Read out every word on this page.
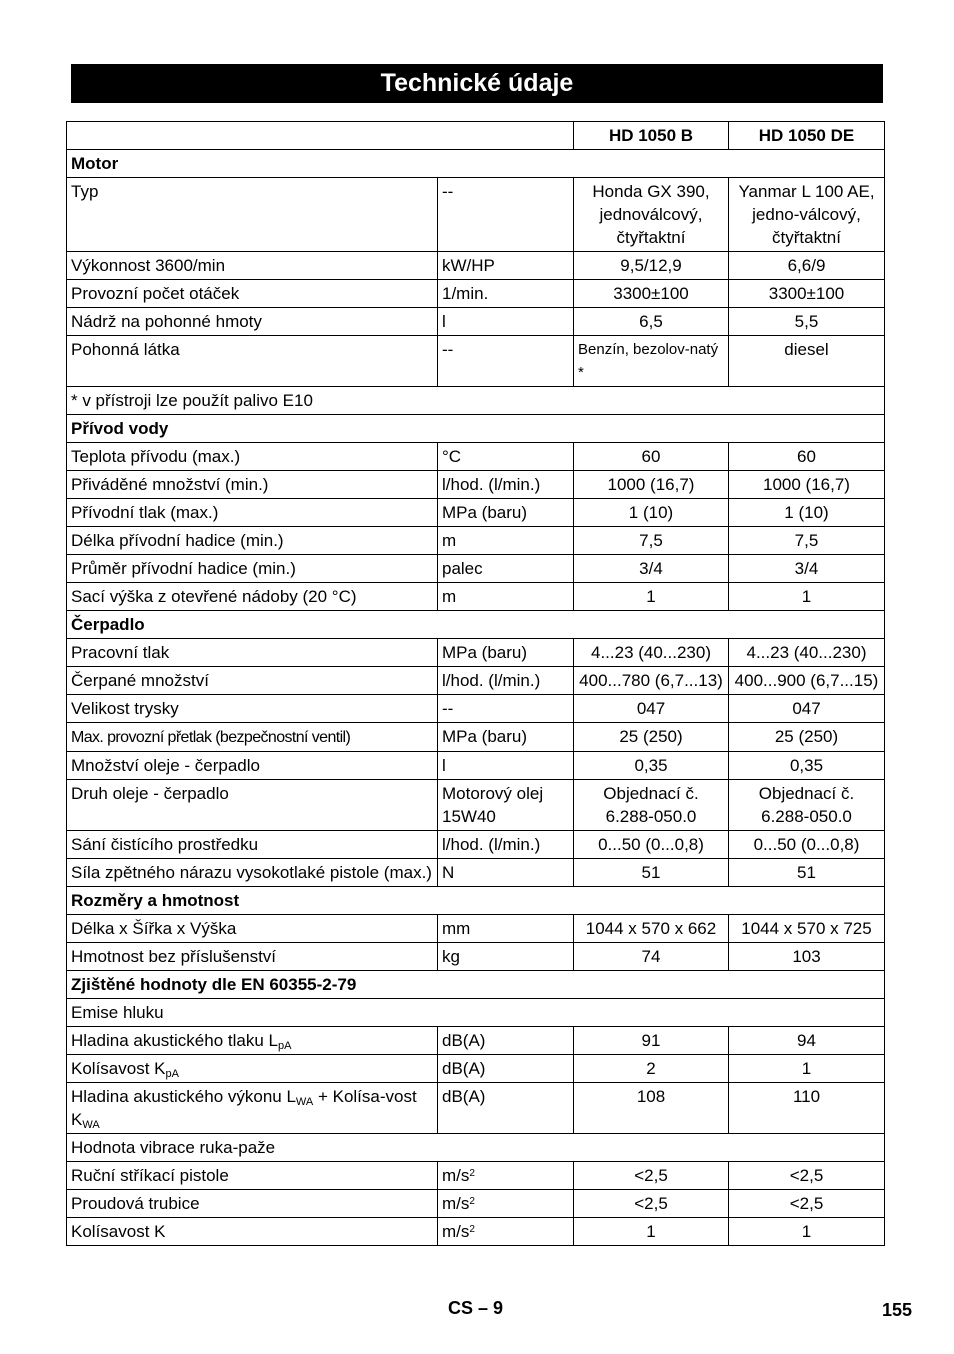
Technické údaje
		HD 1050 B	HD 1050 DE
Motor			
Typ	--	Honda GX 390, jednoválcový, čtyřtaktní	Yanmar L 100 AE, jedno-válcový, čtyřtaktní
Výkonnost 3600/min	kW/HP	9,5/12,9	6,6/9
Provozní počet otáček	1/min.	3300±100	3300±100
Nádrž na pohonné hmoty	l	6,5	5,5
Pohonná látka	--	Benzín, bezolov-natý *	diesel
* v přístroji lze použít palivo E10			
Přívod vody			
Teplota přívodu (max.)	°C	60	60
Přiváděné množství (min.)	l/hod. (l/min.)	1000 (16,7)	1000 (16,7)
Přívodní tlak (max.)	MPa (baru)	1 (10)	1 (10)
Délka přívodní hadice (min.)	m	7,5	7,5
Průměr přívodní hadice (min.)	palec	3/4	3/4
Sací výška z otevřené nádoby (20 °C)	m	1	1
Čerpadlo			
Pracovní tlak	MPa (baru)	4...23 (40...230)	4...23 (40...230)
Čerpané množství	l/hod. (l/min.)	400...780 (6,7...13)	400...900 (6,7...15)
Velikost trysky	--	047	047
Max. provozní přetlak (bezpečnostní ventil)	MPa (baru)	25 (250)	25 (250)
Množství oleje - čerpadlo	l	0,35	0,35
Druh oleje - čerpadlo	Motorový olej 15W40	Objednací č. 6.288-050.0	Objednací č. 6.288-050.0
Sání čistícího prostředku	l/hod. (l/min.)	0...50 (0...0,8)	0...50 (0...0,8)
Síla zpětného nárazu vysokotlaké pistole (max.)	N	51	51
Rozměry a hmotnost			
Délka x Šířka x Výška	mm	1044 x 570 x 662	1044 x 570 x 725
Hmotnost bez příslušenství	kg	74	103
Zjištěné hodnoty dle EN 60355-2-79			
Emise hluku			
Hladina akustického tlaku $L_{pA}$	dB(A)	91	94
Kolísavost $K_{pA}$	dB(A)	2	1
Hladina akustického výkonu $L_{WA}$ + Kolísa-vost $K_{WA}$	dB(A)	108	110
Hodnota vibrace ruka-paže			
Ruční stříkací pistole	$m/s^2$	<2,5	<2,5
Proudová trubice	$m/s^2$	<2,5	<2,5
Kolísavost K	$m/s^2$	1	1
CS – 9	155
